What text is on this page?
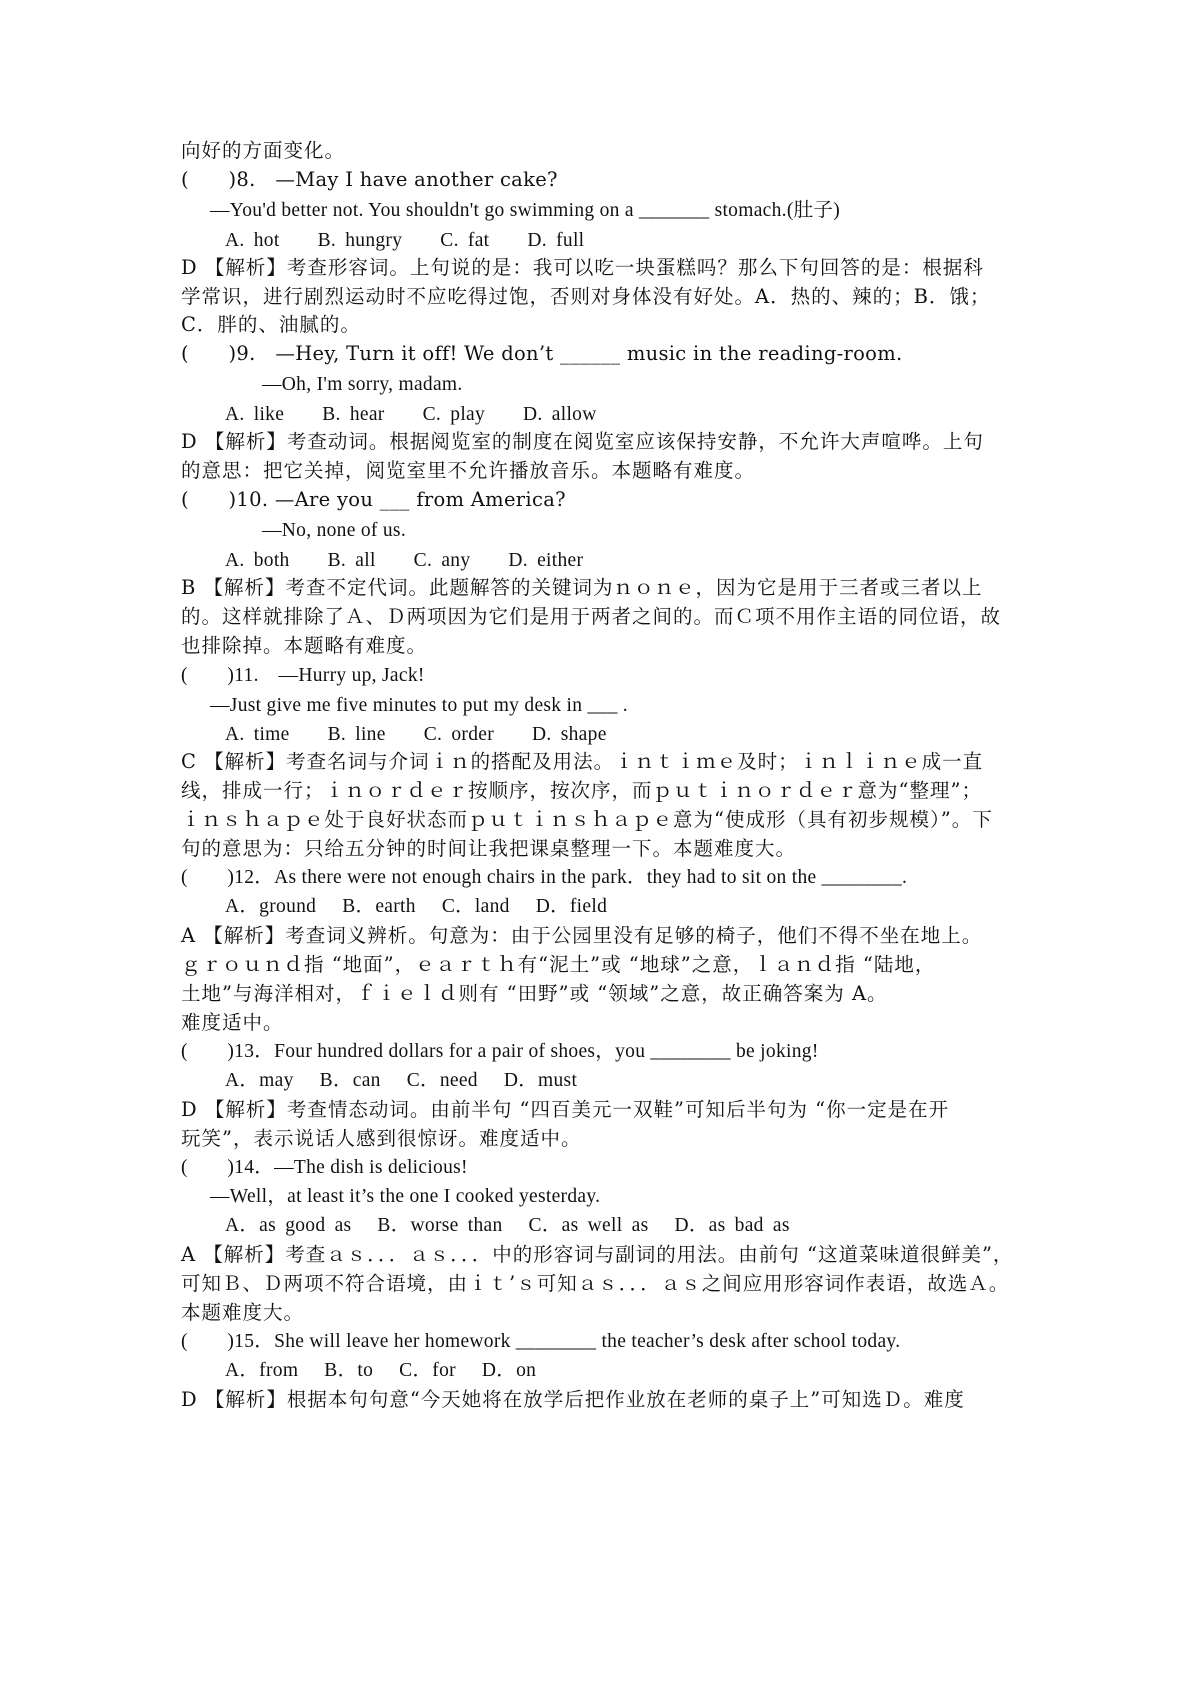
向好的方面变化。
(　　)8.　—May I have another cake?
—You'd better not. You shouldn't go swimming on a _______ stomach.(肚子)
A. hot B. hungry C. fat D. full
D 【解析】考查形容词。上句说的是：我可以吃一块蛋糕吗？那么下句回答的是：根据科
学常识，进行剧烈运动时不应吃得过饱，否则对身体没有好处。A．热的、辣的；B．饿；
C．胖的、油腻的。
(　　)9.　—Hey, Turn it off! We don’t ______ music in the reading-room.
—Oh, I'm sorry, madam.
A. like B. hear C. play D. allow
D 【解析】考查动词。根据阅览室的制度在阅览室应该保持安静，不允许大声喧哗。上句
的意思：把它关掉，阅览室里不允许播放音乐。本题略有难度。
(　　)10. —Are you ___ from America?
—No, none of us.
A. both B. all C. any D. either
B 【解析】考查不定代词。此题解答的关键词为ｎｏｎｅ，因为它是用于三者或三者以上
的。这样就排除了Ａ、Ｄ两项因为它们是用于两者之间的。而Ｃ项不用作主语的同位语，故
也排除掉。本题略有难度。
(　　)11.　—Hurry up, Jack!
—Just give me five minutes to put my desk in ___ .
A. time B. line C. order D. shape
C 【解析】考查名词与介词ｉｎ的搭配及用法。ｉｎｔｉｍｅ及时；ｉｎｌｉｎｅ成一直
线，排成一行；ｉｎｏｒｄｅｒ按顺序，按次序，而ｐｕｔｉｎｏｒｄｅｒ意为“整理”；
ｉｎｓｈａｐｅ处于良好状态而ｐｕｔｉｎｓｈａｐｅ意为“使成形（具有初步规模）”。下
句的意思为：只给五分钟的时间让我把课桌整理一下。本题难度大。
(　　)12．As there were not enough chairs in the park．they had to sit on the ________.
A．ground B．earth C．land D．field
A 【解析】考查词义辨析。句意为：由于公园里没有足够的椅子，他们不得不坐在地上。
ｇｒｏｕｎｄ指 “地面”，ｅａｒｔｈ有“泥土”或 “地球”之意，ｌａｎｄ指 “陆地，
土地”与海洋相对，ｆｉｅｌｄ则有 “田野”或 “领域”之意，故正确答案为 A。
难度适中。
(　　)13．Four hundred dollars for a pair of shoes，you ________ be joking!
A．may B．can C．need D．must
D 【解析】考查情态动词。由前半句 “四百美元一双鞋”可知后半句为 “你一定是在开
玩笑”，表示说话人感到很惊讶。难度适中。
(　　)14．—The dish is delicious!
—Well，at least it’s the one I cooked yesterday.
A．as good as B．worse than C．as well as D．as bad as
A 【解析】考查ａｓ．．．ａｓ．．．中的形容词与副词的用法。由前句 “这道菜味道很鲜美”，
可知Ｂ、Ｄ两项不符合语境，由ｉｔ’ｓ可知ａｓ．．．ａｓ之间应用形容词作表语，故选Ａ。
本题难度大。
(　　)15．She will leave her homework ________ the teacher’s desk after school today.
A．from B．to C．for D．on
D 【解析】根据本句句意“今天她将在放学后把作业放在老师的桌子上”可知选Ｄ。难度
